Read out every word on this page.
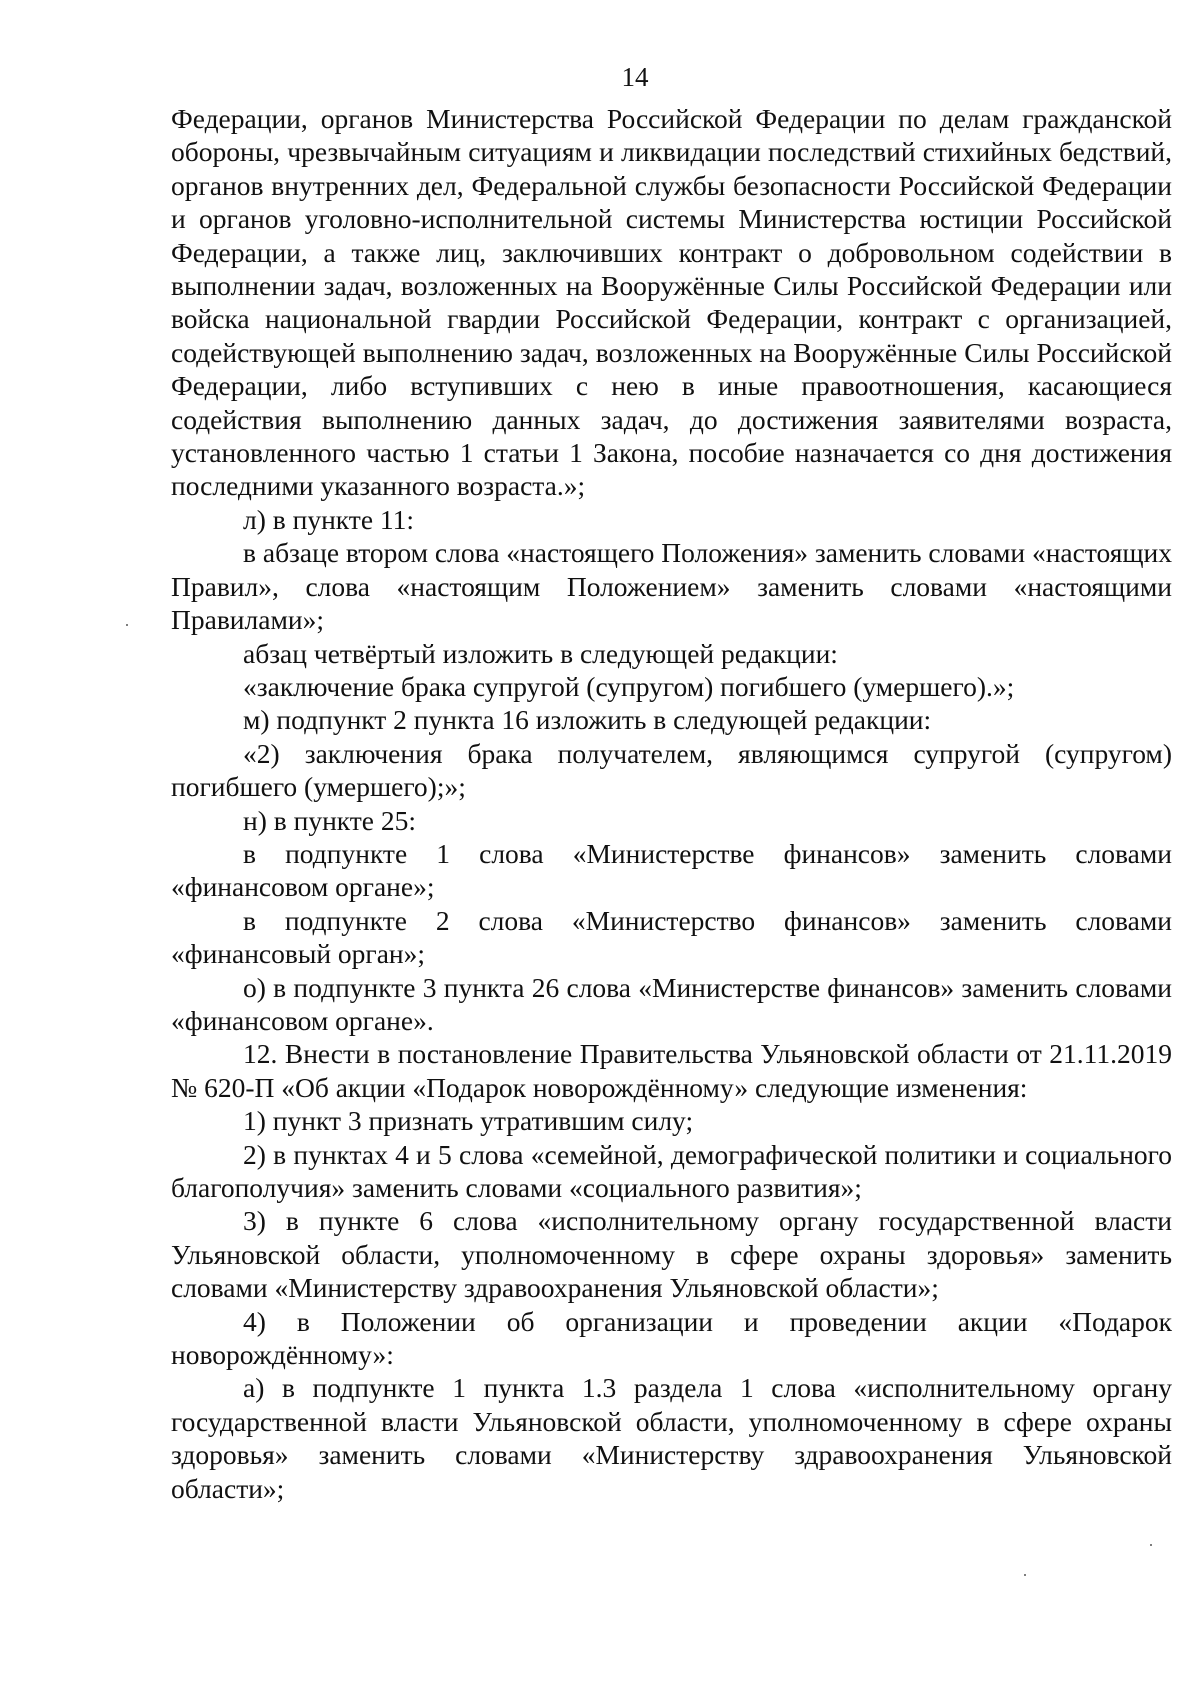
14

Федерации, органов Министерства Российской Федерации по делам гражданской обороны, чрезвычайным ситуациям и ликвидации последствий стихийных бедствий, органов внутренних дел, Федеральной службы безопасности Российской Федерации и органов уголовно-исполнительной системы Министерства юстиции Российской Федерации, а также лиц, заключивших контракт о добровольном содействии в выполнении задач, возложенных на Вооружённые Силы Российской Федерации или войска национальной гвардии Российской Федерации, контракт с организацией, содействующей выполнению задач, возложенных на Вооружённые Силы Российской Федерации, либо вступивших с нею в иные правоотношения, касающиеся содействия выполнению данных задач, до достижения заявителями возраста, установленного частью 1 статьи 1 Закона, пособие назначается со дня достижения последними указанного возраста.»;

л) в пункте 11:

в абзаце втором слова «настоящего Положения» заменить словами «настоящих Правил», слова «настоящим Положением» заменить словами «настоящими Правилами»;

абзац четвёртый изложить в следующей редакции:

«заключение брака супругой (супругом) погибшего (умершего).»;

м) подпункт 2 пункта 16 изложить в следующей редакции:

«2) заключения брака получателем, являющимся супругой (супругом) погибшего (умершего);»;

н) в пункте 25:

в подпункте 1 слова «Министерстве финансов» заменить словами «финансовом органе»;

в подпункте 2 слова «Министерство финансов» заменить словами «финансовый орган»;

о) в подпункте 3 пункта 26 слова «Министерстве финансов» заменить словами «финансовом органе».

12. Внести в постановление Правительства Ульяновской области от 21.11.2019 № 620-П «Об акции «Подарок новорождённому» следующие изменения:

1) пункт 3 признать утратившим силу;

2) в пунктах 4 и 5 слова «семейной, демографической политики и социального благополучия» заменить словами «социального развития»;

3) в пункте 6 слова «исполнительному органу государственной власти Ульяновской области, уполномоченному в сфере охраны здоровья» заменить словами «Министерству здравоохранения Ульяновской области»;

4) в Положении об организации и проведении акции «Подарок новорождённому»:

а) в подпункте 1 пункта 1.3 раздела 1 слова «исполнительному органу государственной власти Ульяновской области, уполномоченному в сфере охраны здоровья» заменить словами «Министерству здравоохранения Ульяновской области»;
